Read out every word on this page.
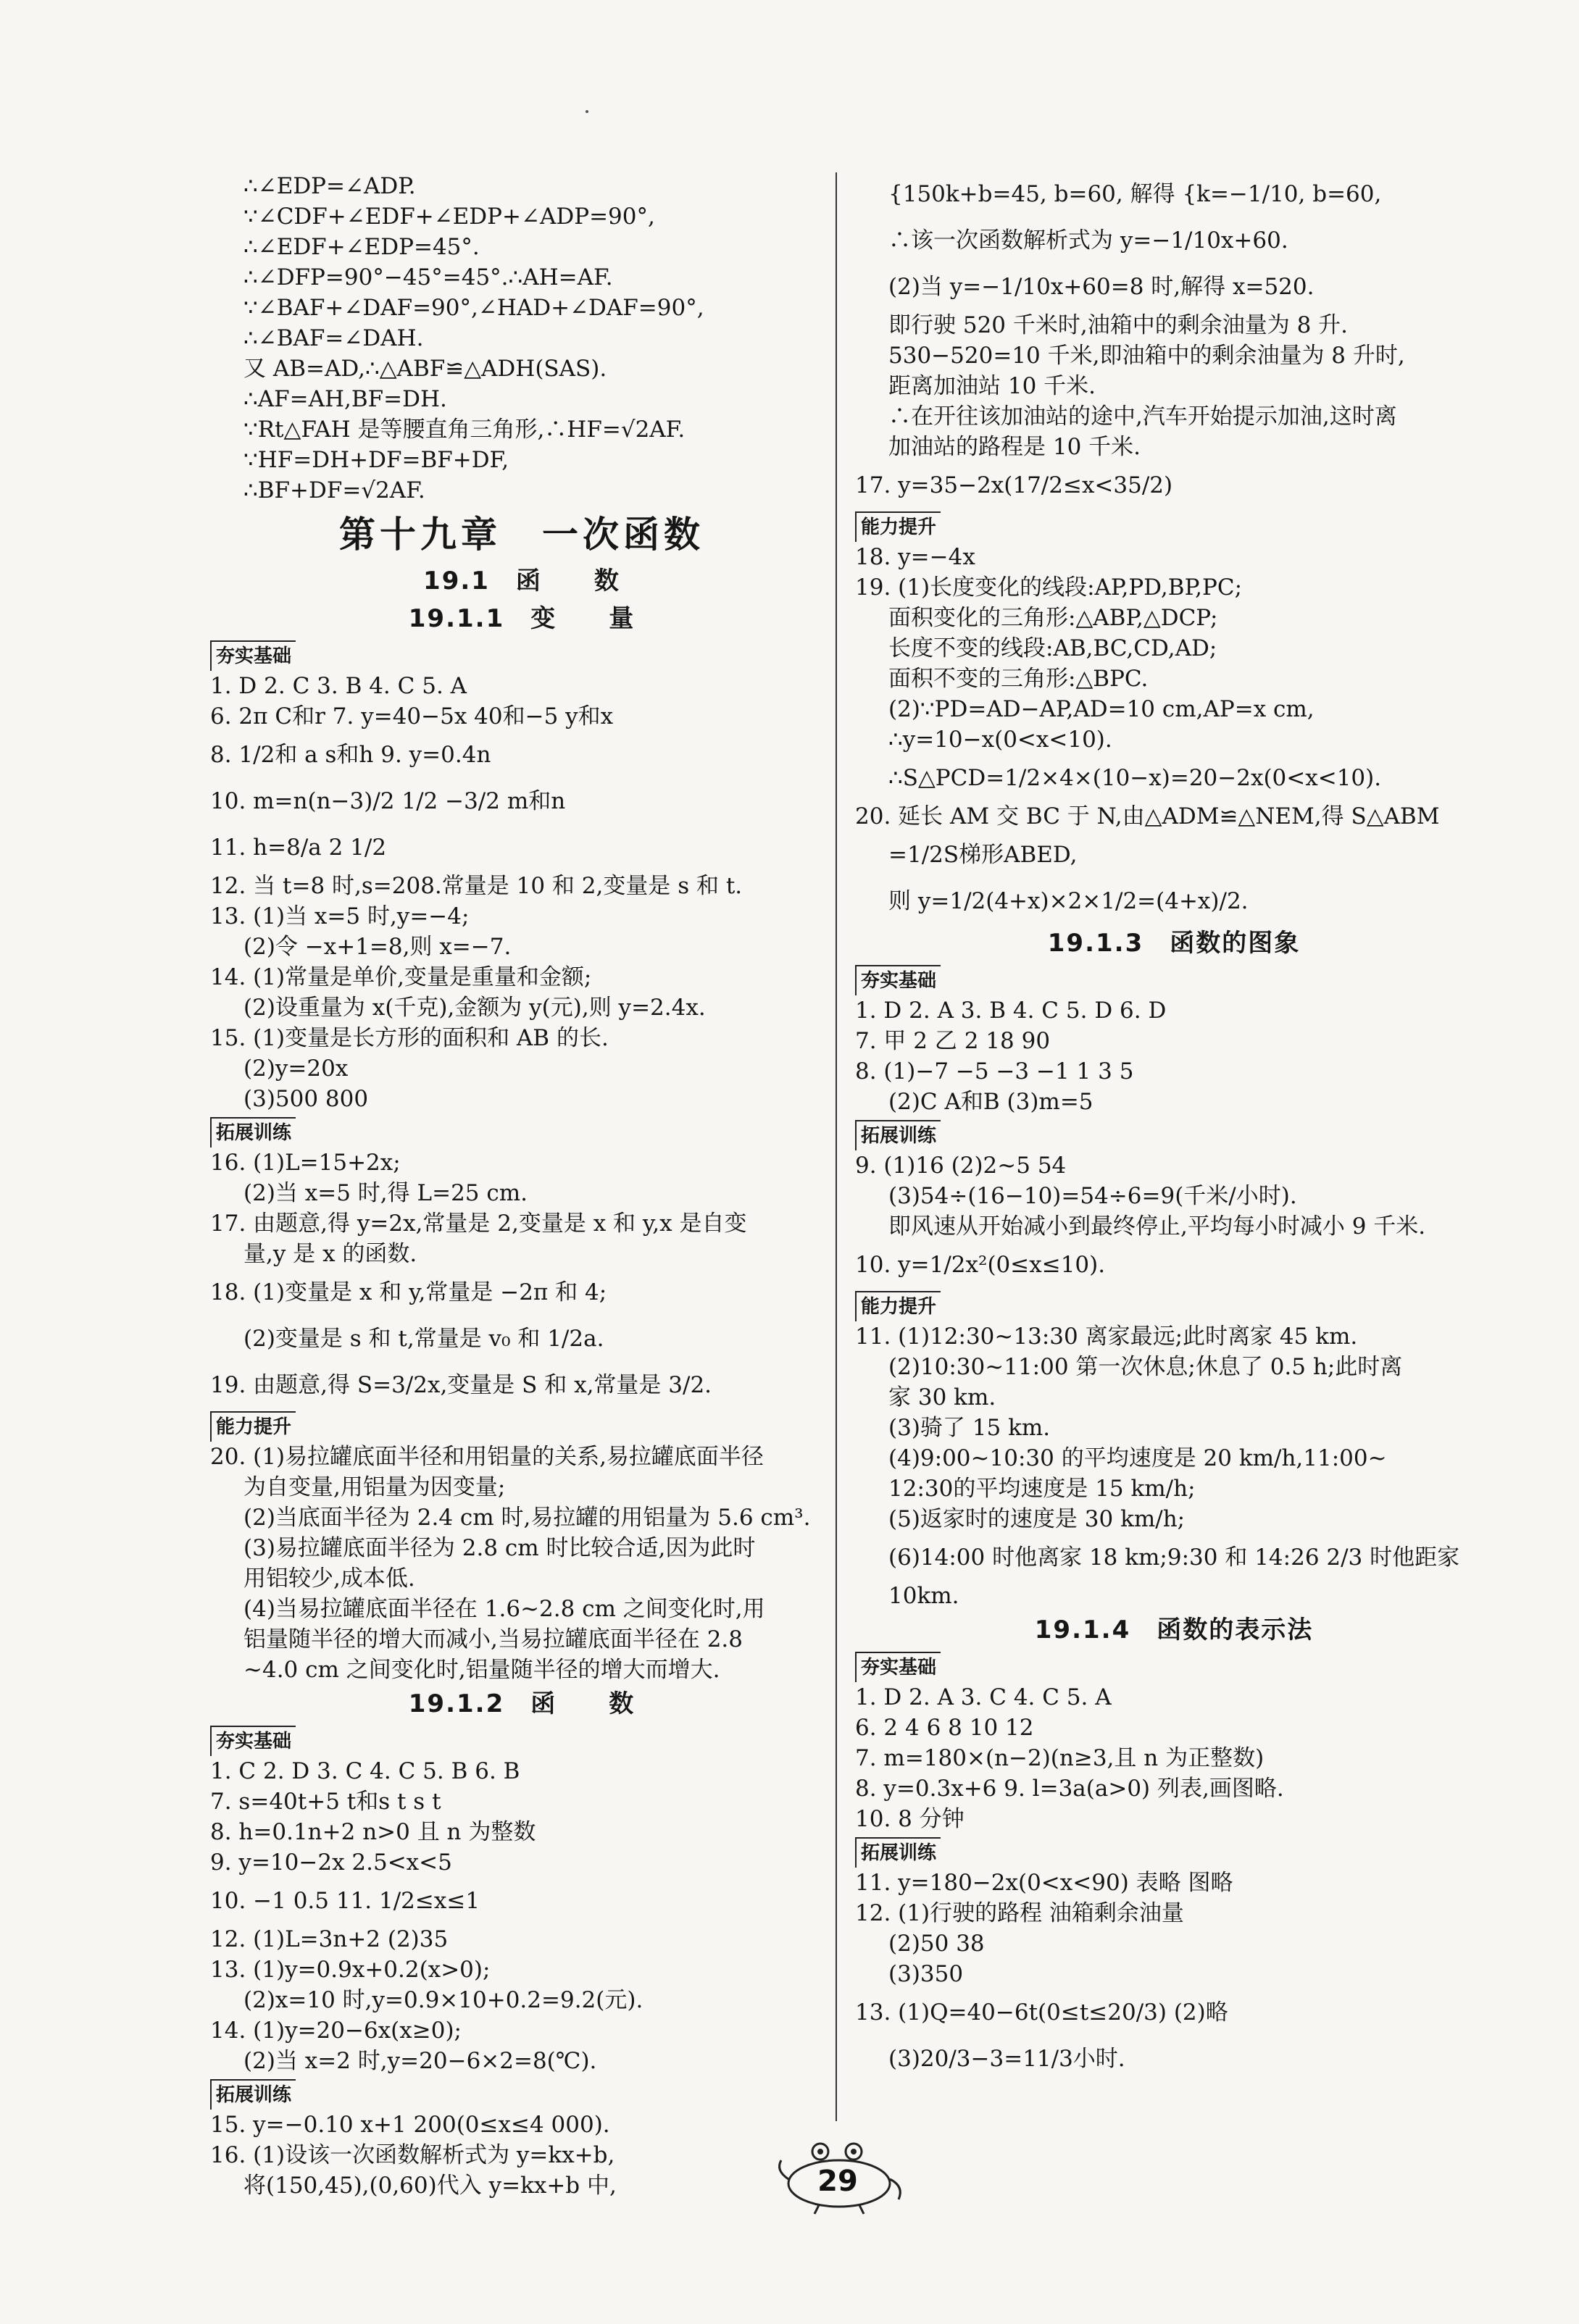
∴∠EDP=∠ADP.
∵∠CDF+∠EDF+∠EDP+∠ADP=90°,
∴∠EDF+∠EDP=45°.
∴∠DFP=90°−45°=45°.∴AH=AF.
∵∠BAF+∠DAF=90°,∠HAD+∠DAF=90°,
∴∠BAF=∠DAH.
又 AB=AD,∴△ABF≌△ADH(SAS).
∴AF=AH,BF=DH.
∵Rt△FAH 是等腰直角三角形,∴HF=√2AF.
∵HF=DH+DF=BF+DF,
∴BF+DF=√2AF.
第十九章　一次函数
19.1　函　　数
19.1.1　变　　量
夯实基础
1. D 2. C 3. B 4. C 5. A
6. 2π C和r 7. y=40−5x 40和−5 y和x
8. 1/2和 a s和h 9. y=0.4n
10. m=n(n−3)/2 1/2 −3/2 m和n
11. h=8/a 2 1/2
12. 当 t=8 时,s=208.常量是 10 和 2,变量是 s 和 t.
13. (1)当 x=5 时,y=−4;
(2)令 −x+1=8,则 x=−7.
14. (1)常量是单价,变量是重量和金额;
(2)设重量为 x(千克),金额为 y(元),则 y=2.4x.
15. (1)变量是长方形的面积和 AB 的长.
(2)y=20x
(3)500 800
拓展训练
16. (1)L=15+2x;
(2)当 x=5 时,得 L=25 cm.
17. 由题意,得 y=2x,常量是 2,变量是 x 和 y,x 是自变
量,y 是 x 的函数.
18. (1)变量是 x 和 y,常量是 −2π 和 4;
(2)变量是 s 和 t,常量是 v₀ 和 1/2a.
19. 由题意,得 S=3/2x,变量是 S 和 x,常量是 3/2.
能力提升
20. (1)易拉罐底面半径和用铝量的关系,易拉罐底面半径
为自变量,用铝量为因变量;
(2)当底面半径为 2.4 cm 时,易拉罐的用铝量为 5.6 cm³.
(3)易拉罐底面半径为 2.8 cm 时比较合适,因为此时
用铝较少,成本低.
(4)当易拉罐底面半径在 1.6~2.8 cm 之间变化时,用
铝量随半径的增大而减小,当易拉罐底面半径在 2.8
~4.0 cm 之间变化时,铝量随半径的增大而增大.
19.1.2　函　　数
夯实基础
1. C 2. D 3. C 4. C 5. B 6. B
7. s=40t+5 t和s t s t
8. h=0.1n+2 n>0 且 n 为整数
9. y=10−2x 2.5<x<5
10. −1 0.5 11. 1/2≤x≤1
12. (1)L=3n+2 (2)35
13. (1)y=0.9x+0.2(x>0);
(2)x=10 时,y=0.9×10+0.2=9.2(元).
14. (1)y=20−6x(x≥0);
(2)当 x=2 时,y=20−6×2=8(℃).
拓展训练
15. y=−0.10 x+1 200(0≤x≤4 000).
16. (1)设该一次函数解析式为 y=kx+b,
将(150,45),(0,60)代入 y=kx+b 中,
{150k+b=45, b=60, 解得 {k=−1/10, b=60,
∴该一次函数解析式为 y=−1/10x+60.
(2)当 y=−1/10x+60=8 时,解得 x=520.
即行驶 520 千米时,油箱中的剩余油量为 8 升.
530−520=10 千米,即油箱中的剩余油量为 8 升时,
距离加油站 10 千米.
∴在开往该加油站的途中,汽车开始提示加油,这时离
加油站的路程是 10 千米.
17. y=35−2x(17/2≤x<35/2)
能力提升
18. y=−4x
19. (1)长度变化的线段:AP,PD,BP,PC;
面积变化的三角形:△ABP,△DCP;
长度不变的线段:AB,BC,CD,AD;
面积不变的三角形:△BPC.
(2)∵PD=AD−AP,AD=10 cm,AP=x cm,
∴y=10−x(0<x<10).
∴S△PCD=1/2×4×(10−x)=20−2x(0<x<10).
20. 延长 AM 交 BC 于 N,由△ADM≌△NEM,得 S△ABM
=1/2S梯形ABED,
则 y=1/2(4+x)×2×1/2=(4+x)/2.
19.1.3　函数的图象
夯实基础
1. D 2. A 3. B 4. C 5. D 6. D
7. 甲 2 乙 2 18 90
8. (1)−7 −5 −3 −1 1 3 5
(2)C A和B (3)m=5
拓展训练
9. (1)16 (2)2~5 54
(3)54÷(16−10)=54÷6=9(千米/小时).
即风速从开始减小到最终停止,平均每小时减小 9 千米.
10. y=1/2x²(0≤x≤10).
能力提升
11. (1)12:30~13:30 离家最远;此时离家 45 km.
(2)10:30~11:00 第一次休息;休息了 0.5 h;此时离
家 30 km.
(3)骑了 15 km.
(4)9:00~10:30 的平均速度是 20 km/h,11:00~
12:30的平均速度是 15 km/h;
(5)返家时的速度是 30 km/h;
(6)14:00 时他离家 18 km;9:30 和 14:26 2/3 时他距家
10km.
19.1.4　函数的表示法
夯实基础
1. D 2. A 3. C 4. C 5. A
6. 2 4 6 8 10 12
7. m=180×(n−2)(n≥3,且 n 为正整数)
8. y=0.3x+6 9. l=3a(a>0) 列表,画图略.
10. 8 分钟
拓展训练
11. y=180−2x(0<x<90) 表略 图略
12. (1)行驶的路程 油箱剩余油量
(2)50 38
(3)350
13. (1)Q=40−6t(0≤t≤20/3) (2)略
(3)20/3−3=11/3小时.
29
